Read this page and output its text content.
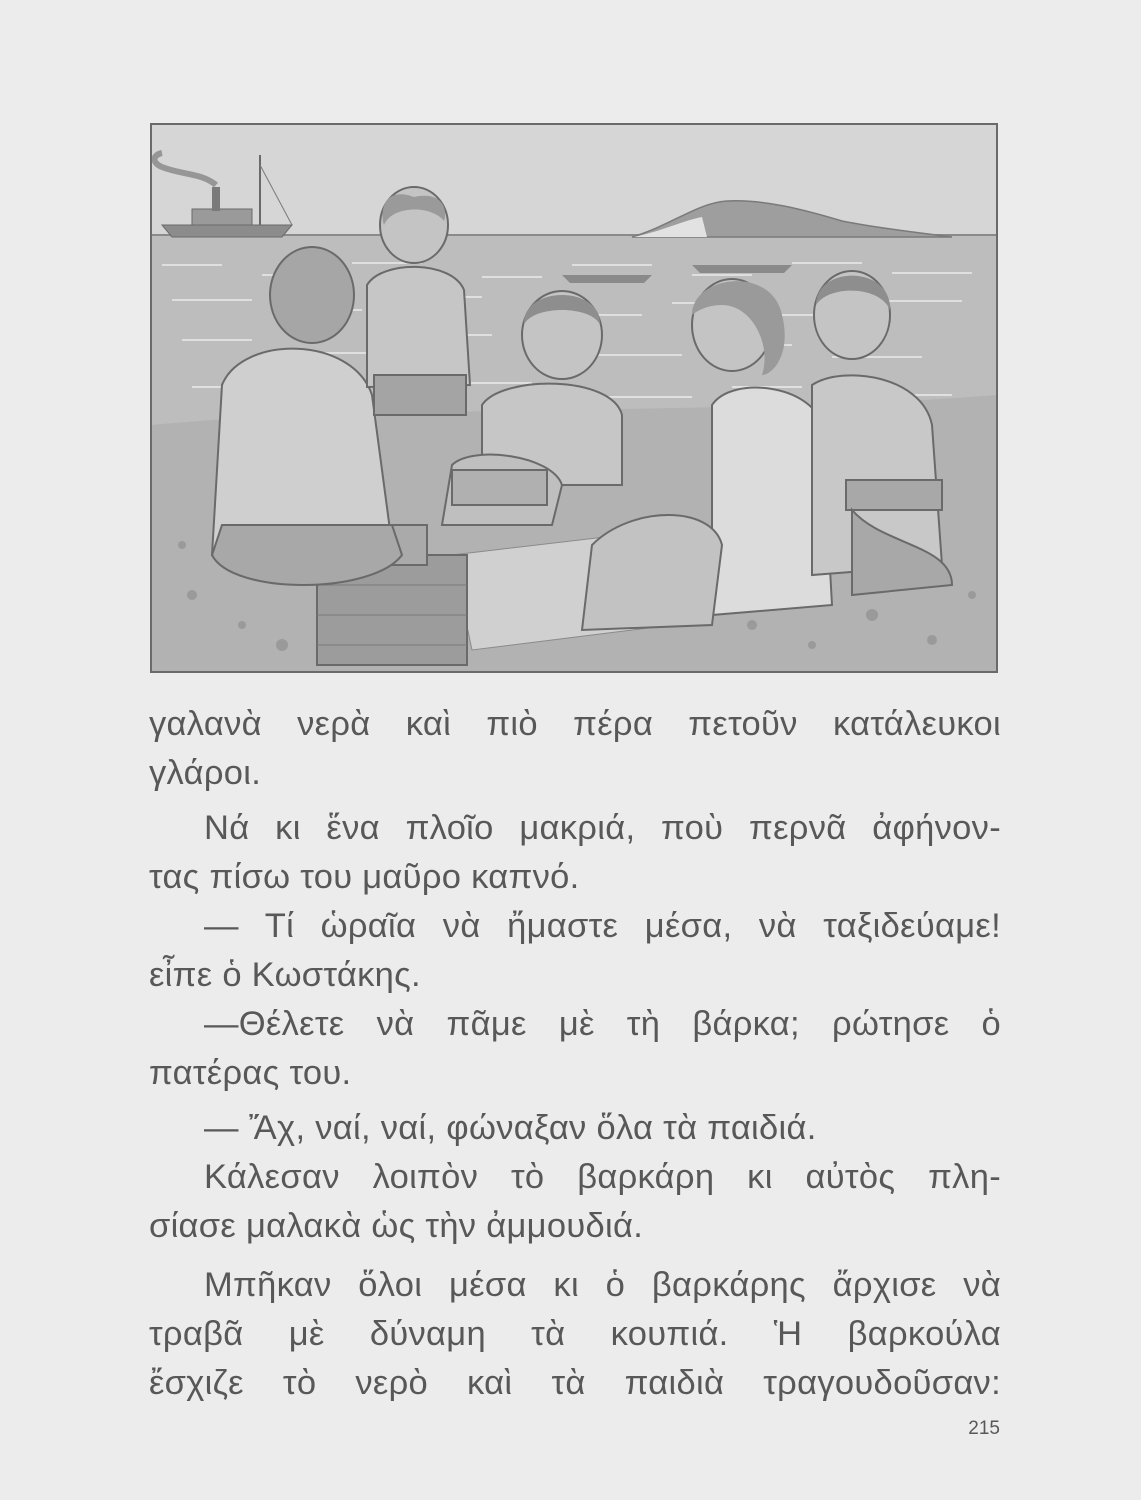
γαλανὰ νερὰ καὶ πιὸ πέρα πετοῦν κατάλευκοι
γλάροι.
Νά κι ἕνα πλοῖο μακριά, ποὺ περνᾶ ἀφήνον-
τας πίσω του μαῦρο καπνό.
— Τί ὡραῖα νὰ ἤμαστε μέσα, νὰ ταξιδεύαμε!
εἶπε ὁ Κωστάκης.
—Θέλετε νὰ πᾶμε μὲ τὴ βάρκα; ρώτησε ὁ
πατέρας του.
— Ἄχ, ναί, ναί, φώναξαν ὅλα τὰ παιδιά.
Κάλεσαν λοιπὸν τὸ βαρκάρη κι αὐτὸς πλη-
σίασε μαλακὰ ὡς τὴν ἀμμουδιά.
Μπῆκαν ὅλοι μέσα κι ὁ βαρκάρης ἄρχισε νὰ
τραβᾶ μὲ δύναμη τὰ κουπιά. Ἡ βαρκούλα
ἔσχιζε τὸ νερὸ καὶ τὰ παιδιὰ τραγουδοῦσαν:
215
